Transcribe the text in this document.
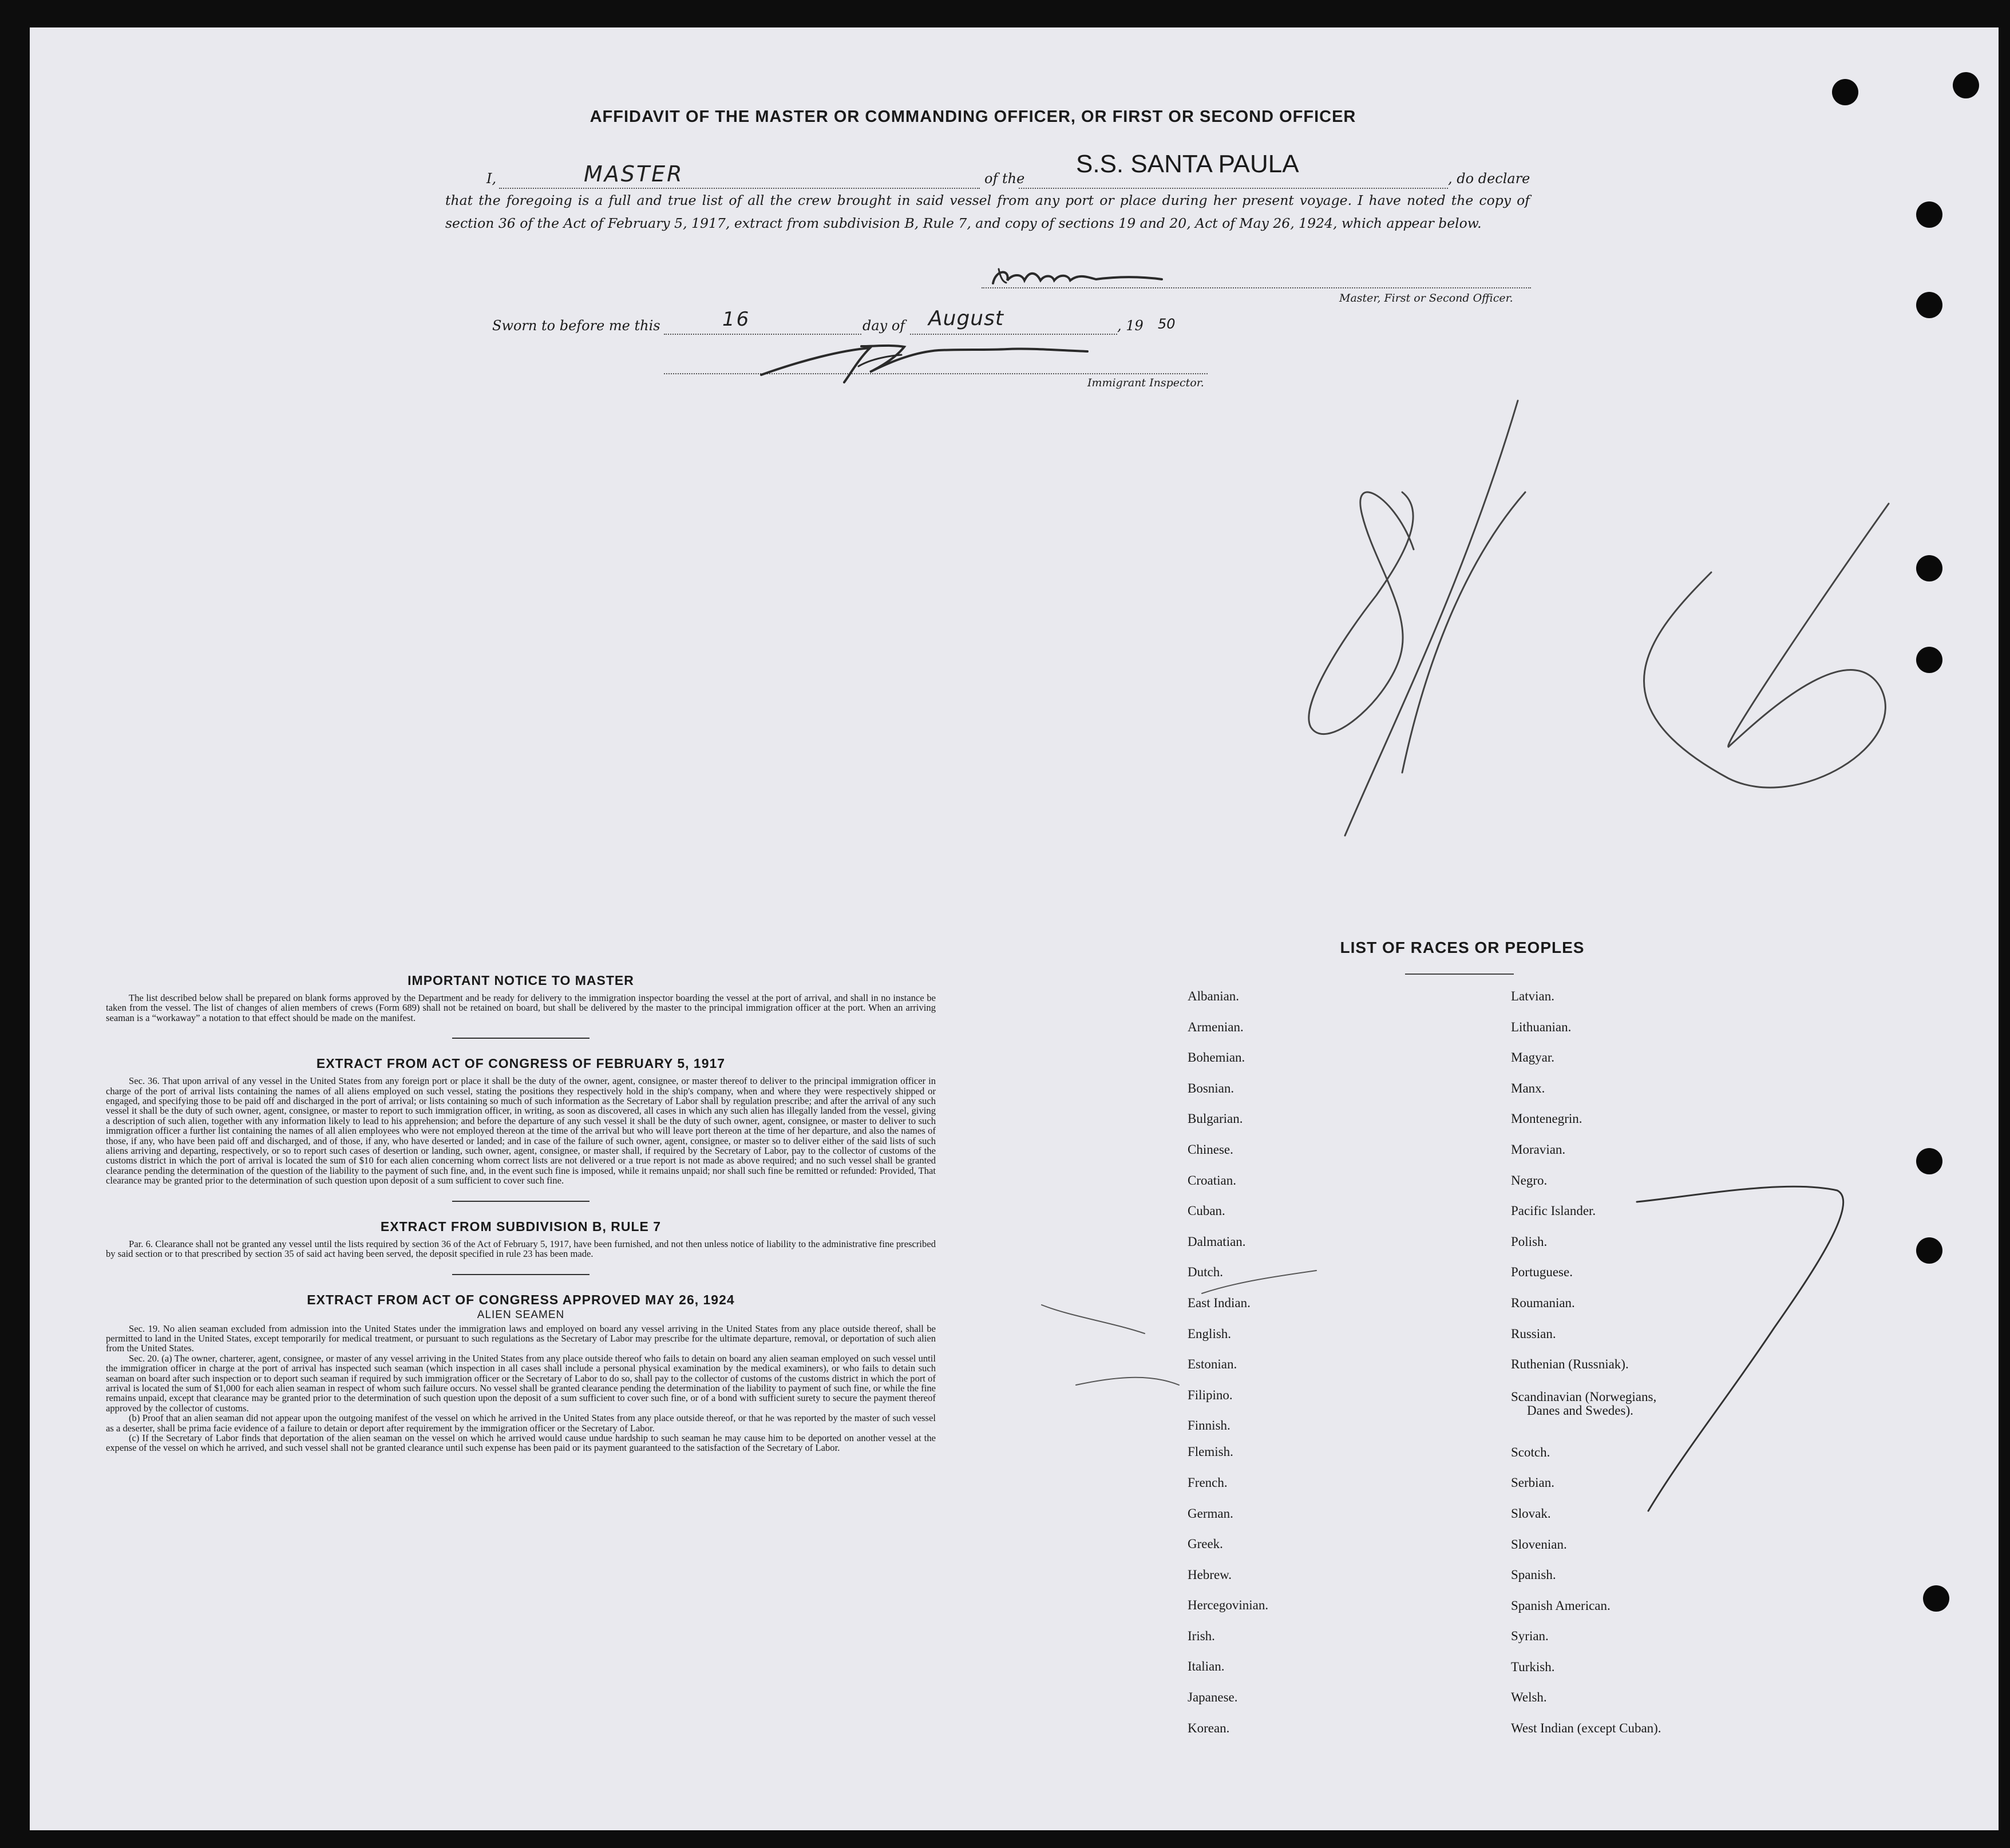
AFFIDAVIT OF THE MASTER OR COMMANDING OFFICER, OR FIRST OR SECOND OFFICER
I,	MASTER	of the
S.S. SANTA PAULA
, do declare
that the foregoing is a full and true list of all the crew brought in said vessel from any port or place during her present voyage. I have noted the copy of section 36 of the Act of February 5, 1917, extract from subdivision B, Rule 7, and copy of sections 19 and 20, Act of May 26, 1924, which appear below.
Master, First or Second Officer.
Sworn to before me this	16	day of August	, 19 50
Immigrant Inspector.
IMPORTANT NOTICE TO MASTER

The list described below shall be prepared on blank forms approved by the Department and be ready for delivery to the immigration inspector boarding the vessel at the port of arrival, and shall in no instance be taken from the vessel. The list of changes of alien members of crews (Form 689) shall not be retained on board, but shall be delivered by the master to the principal immigration officer at the port. When an arriving seaman is a “workaway” a notation to that effect should be made on the manifest.

EXTRACT FROM ACT OF CONGRESS OF FEBRUARY 5, 1917

Sec. 36. That upon arrival of any vessel in the United States from any foreign port or place it shall be the duty of the owner, agent, consignee, or master thereof to deliver to the principal immigration officer in charge of the port of arrival lists containing the names of all aliens employed on such vessel, stating the positions they respectively hold in the ship's company, when and where they were respectively shipped or engaged, and specifying those to be paid off and discharged in the port of arrival; or lists containing so much of such information as the Secretary of Labor shall by regulation prescribe; and after the arrival of any such vessel it shall be the duty of such owner, agent, consignee, or master to report to such immigration officer, in writing, as soon as discovered, all cases in which any such alien has illegally landed from the vessel, giving a description of such alien, together with any information likely to lead to his apprehension; and before the departure of any such vessel it shall be the duty of such owner, agent, consignee, or master to deliver to such immigration officer a further list containing the names of all alien employees who were not employed thereon at the time of the arrival but who will leave port thereon at the time of her departure, and also the names of those, if any, who have been paid off and discharged, and of those, if any, who have deserted or landed; and in case of the failure of such owner, agent, consignee, or master so to deliver either of the said lists of such aliens arriving and departing, respectively, or so to report such cases of desertion or landing, such owner, agent, consignee, or master shall, if required by the Secretary of Labor, pay to the collector of customs of the customs district in which the port of arrival is located the sum of $10 for each alien concerning whom correct lists are not delivered or a true report is not made as above required; and no such vessel shall be granted clearance pending the determination of the question of the liability to the payment of such fine, and, in the event such fine is imposed, while it remains unpaid; nor shall such fine be remitted or refunded: Provided, That clearance may be granted prior to the determination of such question upon deposit of a sum sufficient to cover such fine.

EXTRACT FROM SUBDIVISION B, RULE 7

Par. 6. Clearance shall not be granted any vessel until the lists required by section 36 of the Act of February 5, 1917, have been furnished, and not then unless notice of liability to the administrative fine prescribed by said section or to that prescribed by section 35 of said act having been served, the deposit specified in rule 23 has been made.

EXTRACT FROM ACT OF CONGRESS APPROVED MAY 26, 1924

ALIEN SEAMEN

Sec. 19. No alien seaman excluded from admission into the United States under the immigration laws and employed on board any vessel arriving in the United States from any place outside thereof, shall be permitted to land in the United States, except temporarily for medical treatment, or pursuant to such regulations as the Secretary of Labor may prescribe for the ultimate departure, removal, or deportation of such alien from the United States.

Sec. 20. (a) The owner, charterer, agent, consignee, or master of any vessel arriving in the United States from any place outside thereof who fails to detain on board any alien seaman employed on such vessel until the immigration officer in charge at the port of arrival has inspected such seaman (which inspection in all cases shall include a personal physical examination by the medical examiners), or who fails to detain such seaman on board after such inspection or to deport such seaman if required by such immigration officer or the Secretary of Labor to do so, shall pay to the collector of customs of the customs district in which the port of arrival is located the sum of $1,000 for each alien seaman in respect of whom such failure occurs. No vessel shall be granted clearance pending the determination of the liability to payment of such fine, or while the fine remains unpaid, except that clearance may be granted prior to the determination of such question upon the deposit of a sum sufficient to cover such fine, or of a bond with sufficient surety to secure the payment thereof approved by the collector of customs.

(b) Proof that an alien seaman did not appear upon the outgoing manifest of the vessel on which he arrived in the United States from any place outside thereof, or that he was reported by the master of such vessel as a deserter, shall be prima facie evidence of a failure to detain or deport after requirement by the immigration officer or the Secretary of Labor.

(c) If the Secretary of Labor finds that deportation of the alien seaman on the vessel on which he arrived would cause undue hardship to such seaman he may cause him to be deported on another vessel at the expense of the vessel on which he arrived, and such vessel shall not be granted clearance until such expense has been paid or its payment guaranteed to the satisfaction of the Secretary of Labor.

LIST OF RACES OR PEOPLES
Albanian.
Armenian.
Bohemian.
Bosnian.
Bulgarian.
Chinese.
Croatian.
Cuban.
Dalmatian.
Dutch.
East Indian.
English.
Estonian.
Filipino.
Finnish.
Flemish.
French.
German.
Greek.
Hebrew.
Hercegovinian.
Irish.
Italian.
Japanese.
Korean.
Latvian.
Lithuanian.
Magyar.
Manx.
Montenegrin.
Moravian.
Negro.
Pacific Islander.
Polish.
Portuguese.
Roumanian.
Russian.
Ruthenian (Russniak).
Scandinavian (Norwegians,
Danes and Swedes).
Scotch.
Serbian.
Slovak.
Slovenian.
Spanish.
Spanish American.
Syrian.
Turkish.
Welsh.
West Indian (except Cuban).
